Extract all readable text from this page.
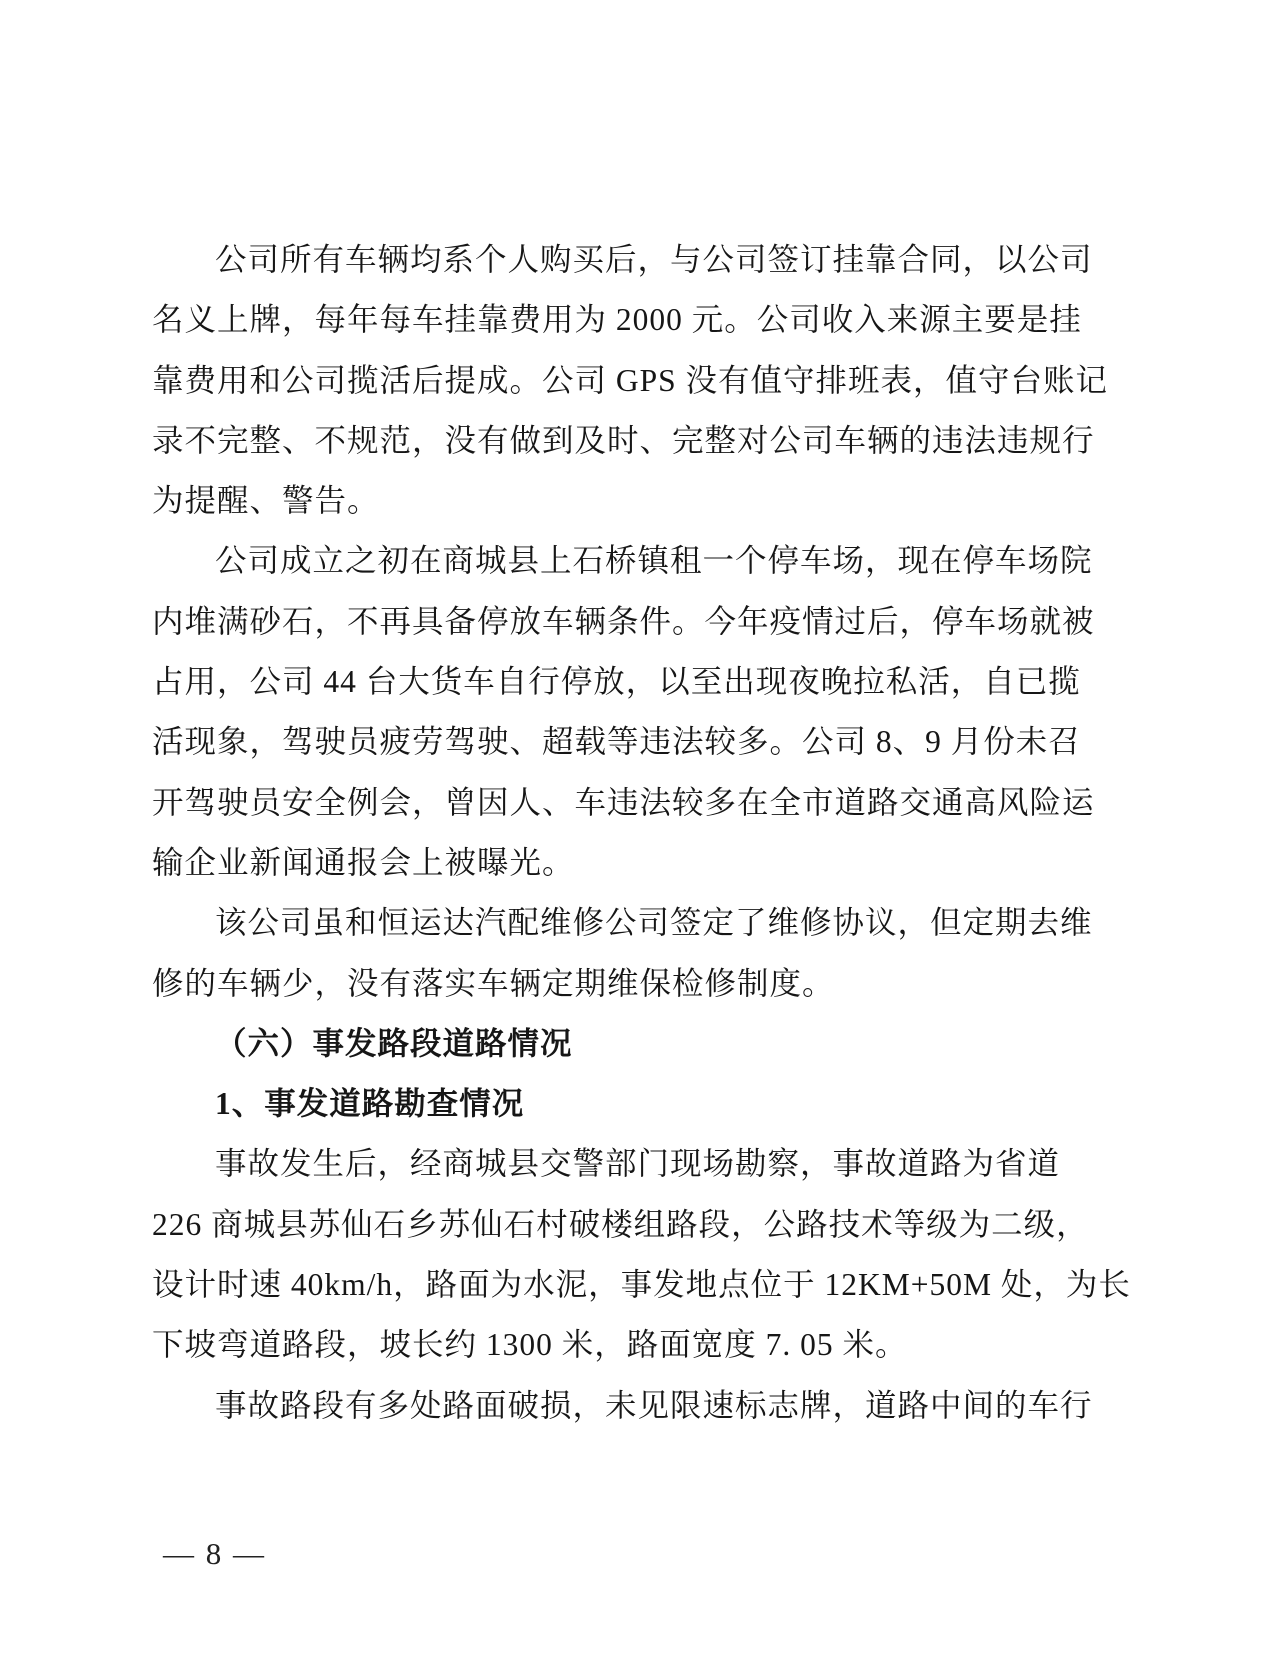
公司所有车辆均系个人购买后，与公司签订挂靠合同，以公司
名义上牌，每年每车挂靠费用为 2000 元。公司收入来源主要是挂
靠费用和公司揽活后提成。公司 GPS 没有值守排班表，值守台账记
录不完整、不规范，没有做到及时、完整对公司车辆的违法违规行
为提醒、警告。
公司成立之初在商城县上石桥镇租一个停车场，现在停车场院
内堆满砂石，不再具备停放车辆条件。今年疫情过后，停车场就被
占用，公司 44 台大货车自行停放，以至出现夜晚拉私活，自已揽
活现象，驾驶员疲劳驾驶、超载等违法较多。公司 8、9 月份未召
开驾驶员安全例会，曾因人、车违法较多在全市道路交通高风险运
输企业新闻通报会上被曝光。
该公司虽和恒运达汽配维修公司签定了维修协议，但定期去维
修的车辆少，没有落实车辆定期维保检修制度。
（六）事发路段道路情况
1、事发道路勘查情况
事故发生后，经商城县交警部门现场勘察，事故道路为省道
226 商城县苏仙石乡苏仙石村破楼组路段，公路技术等级为二级，
设计时速 40km/h，路面为水泥，事发地点位于 12KM+50M 处，为长
下坡弯道路段，坡长约 1300 米，路面宽度 7. 05 米。
事故路段有多处路面破损，未见限速标志牌，道路中间的车行
— 8 —
